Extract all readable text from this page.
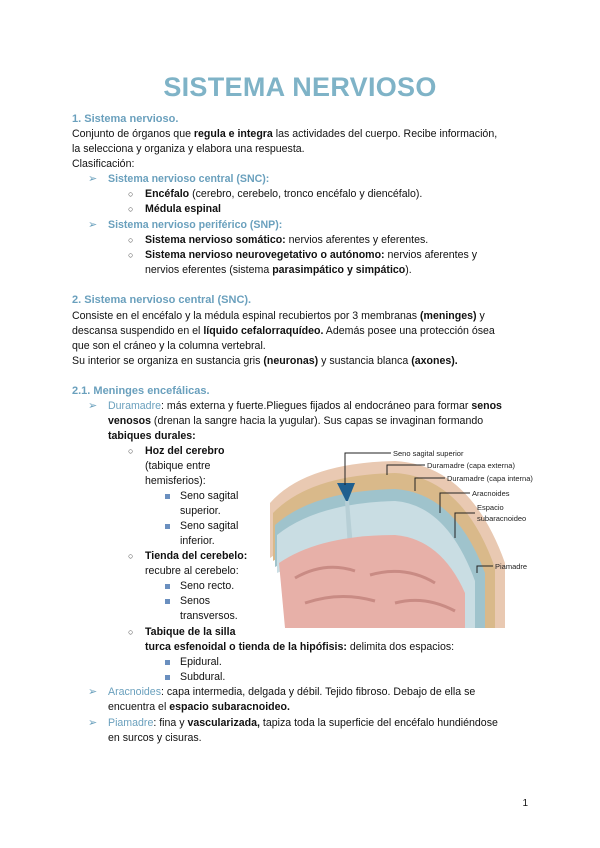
SISTEMA NERVIOSO
1. Sistema nervioso.
Conjunto de órganos que regula e integra las actividades del cuerpo. Recibe información,
la selecciona y organiza y elabora una respuesta.
Clasificación:
➢ Sistema nervioso central (SNC):
○ Encéfalo (cerebro, cerebelo, tronco encéfalo y diencéfalo).
○ Médula espinal
➢ Sistema nervioso periférico (SNP):
○ Sistema nervioso somático: nervios aferentes y eferentes.
○ Sistema nervioso neurovegetativo o autónomo: nervios aferentes y
nervios eferentes (sistema parasimpático y simpático).
2. Sistema nervioso central (SNC).
Consiste en el encéfalo y la médula espinal recubiertos por 3 membranas (meninges) y
descansa suspendido en el líquido cefalorraquídeo. Además posee una protección ósea
que son el cráneo y la columna vertebral.
Su interior se organiza en sustancia gris (neuronas) y sustancia blanca (axones).
2.1. Meninges encefálicas.
➢ Duramadre: más externa y fuerte.Pliegues fijados al endocráneo para formar senos
venosos (drenan la sangre hacia la yugular). Sus capas se invaginan formando
tabiques durales:
○ Hoz del cerebro
(tabique entre
hemisferios):
Seno sagital
superior.
Seno sagital
inferior.
○ Tienda del cerebelo:
recubre al cerebelo:
Seno recto.
Senos
transversos.
○ Tabique de la silla
turca esfenoidal o tienda de la hipófisis: delimita dos espacios:
Epidural.
Subdural.
➢ Aracnoides: capa intermedia, delgada y débil. Tejido fibroso. Debajo de ella se
encuentra el espacio subaracnoideo.
➢ Piamadre: fina y vascularizada, tapiza toda la superficie del encéfalo hundiéndose
en surcos y cisuras.
Seno sagital superior
Duramadre (capa externa)
Duramadre (capa interna)
Aracnoides
Espacio
subaracnoideo
Piamadre
1
